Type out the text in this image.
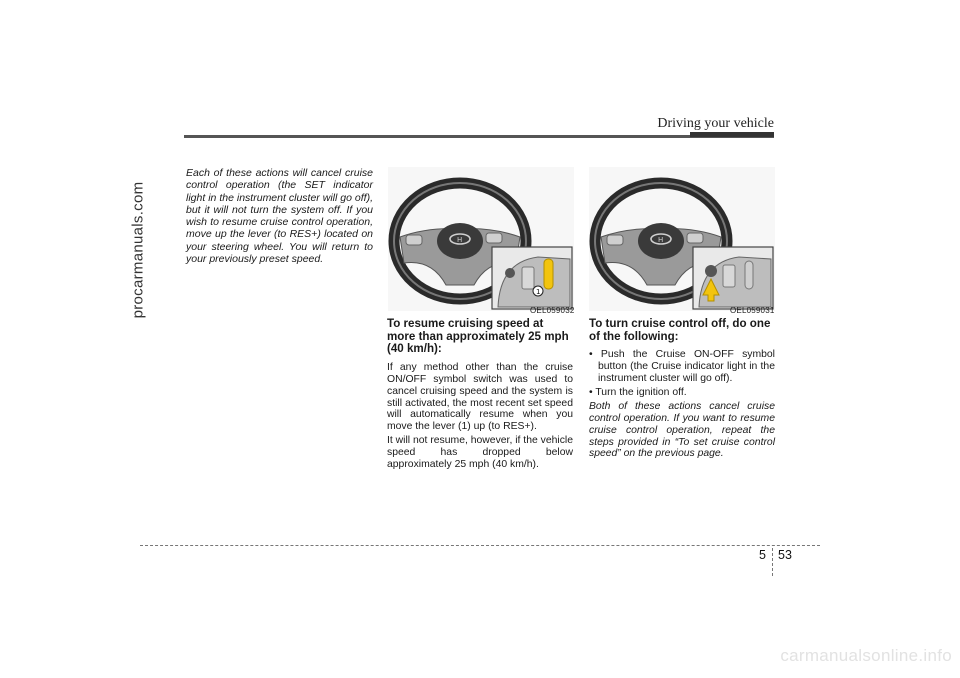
procarmanuals.com
Driving your vehicle
Each of these actions will cancel cruise control operation (the SET indicator light in the instrument cluster will go off), but it will not turn the system off. If you wish to resume cruise control operation, move up the lever (to RES+) located on your steering wheel. You will return to your previously preset speed.
H
1
OEL059032
H
OEL059031
To resume cruising speed at more than approximately 25 mph (40 km/h):
If any method other than the cruise ON/OFF symbol switch was used to cancel cruising speed and the system is still activated, the most recent set speed will automatically resume when you move the lever (1) up (to RES+).
It will not resume, however, if the vehicle speed has dropped below approximately 25 mph (40 km/h).
To turn cruise control off, do one of the following:
• Push the Cruise ON-OFF symbol button (the Cruise indicator light in the instrument cluster will go off).
• Turn the ignition off.
Both of these actions cancel cruise control operation. If you want to resume cruise control operation, repeat the steps provided in “To set cruise control speed” on the previous page.
5 53
carmanualsonline.info
